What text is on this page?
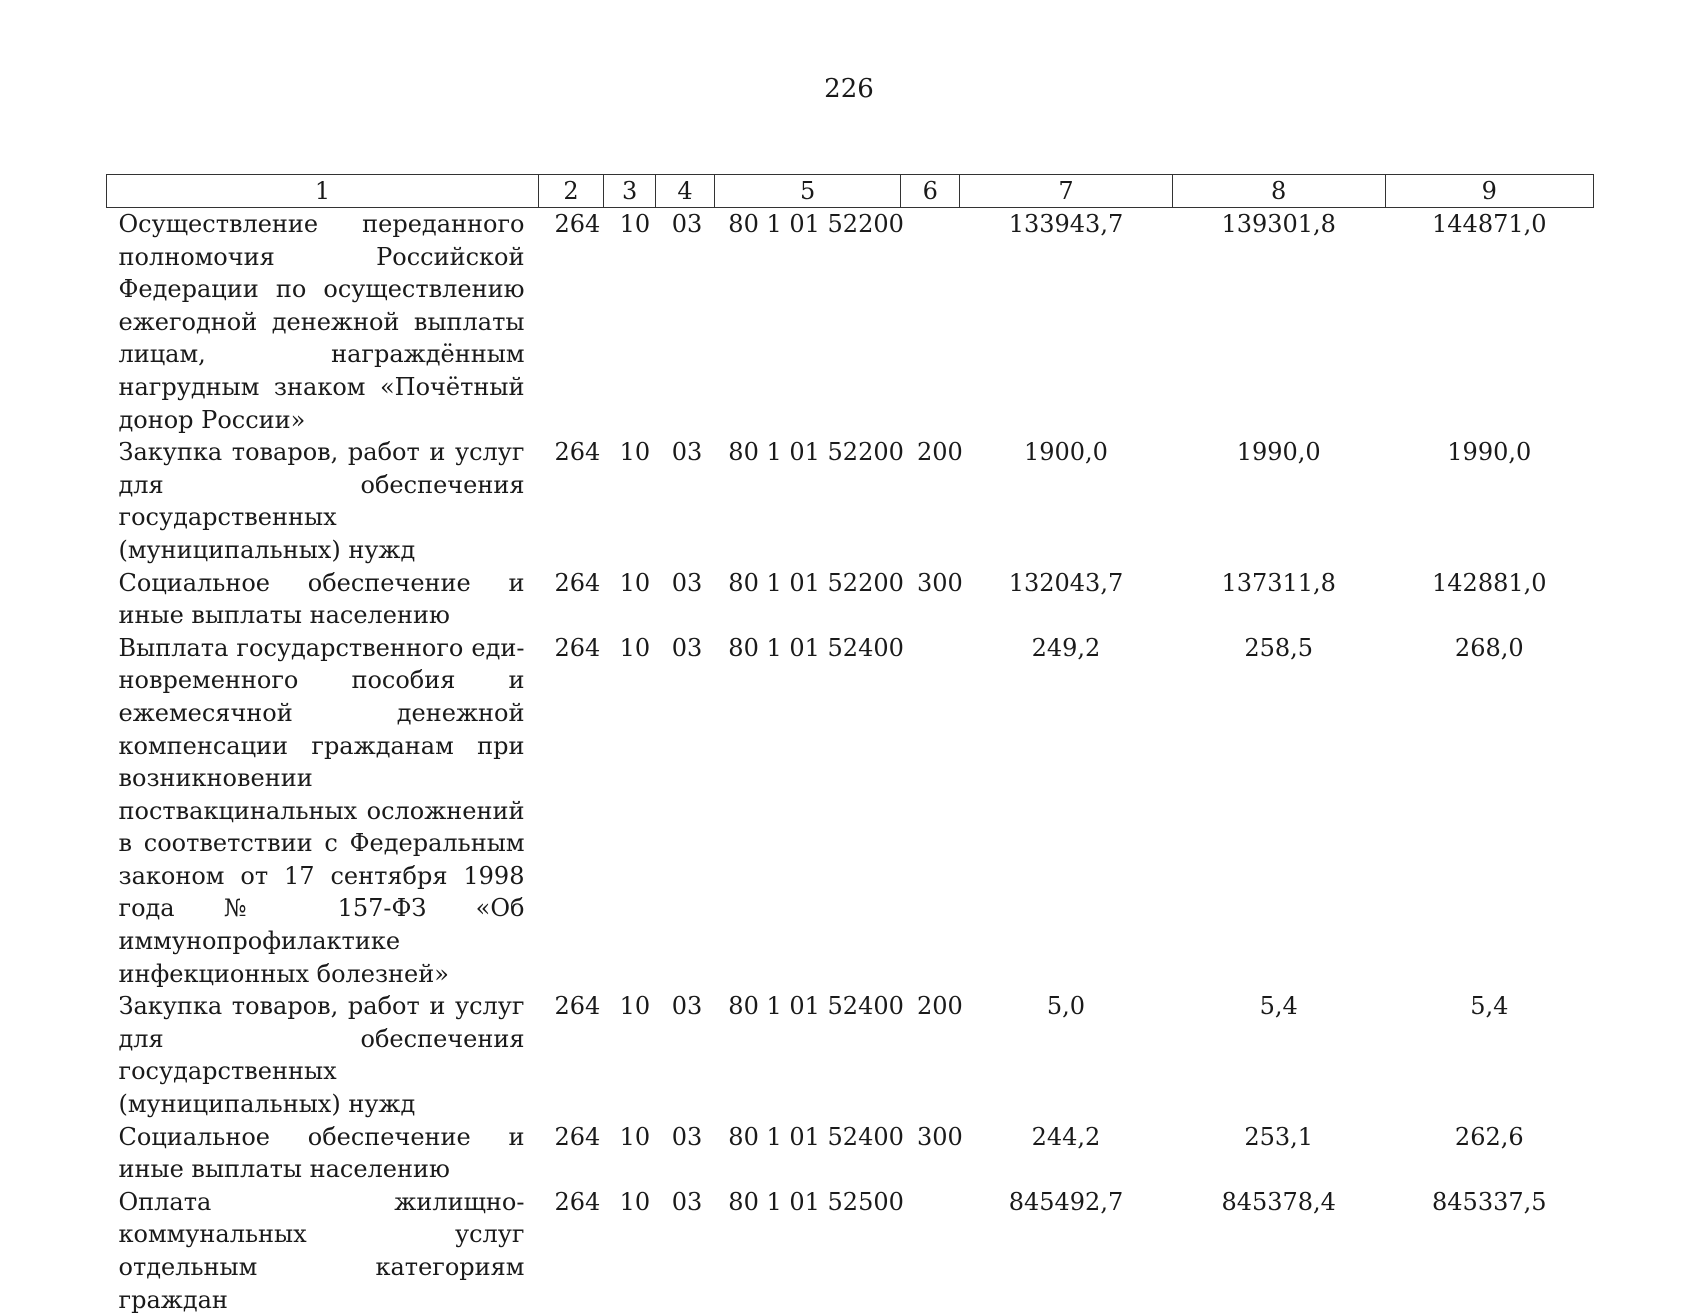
226
1	2	3	4	5	6	7	8	9
Осуществление переданного полномочия Российской Федерации по осуществлению ежегодной денежной выплаты лицам, награждённым нагрудным знаком «Почётный донор России»	264	10	03	80 1 01 52200		133943,7	139301,8	144871,0
Закупка товаров, работ и услуг для обеспечения государственных (муниципальных) нужд	264	10	03	80 1 01 52200	200	1900,0	1990,0	1990,0
Социальное обеспечение и иные выплаты населению	264	10	03	80 1 01 52200	300	132043,7	137311,8	142881,0
Выплата государственного единовременного пособия и ежемесячной денежной компенсации гражданам при возникновении поствакцинальных осложнений в соответствии с Федеральным законом от 17 сентября 1998 года № 157-ФЗ «Об иммунопрофилактике инфекционных болезней»	264	10	03	80 1 01 52400		249,2	258,5	268,0
Закупка товаров, работ и услуг для обеспечения государственных (муниципальных) нужд	264	10	03	80 1 01 52400	200	5,0	5,4	5,4
Социальное обеспечение и иные выплаты населению	264	10	03	80 1 01 52400	300	244,2	253,1	262,6
Оплата жилищно-коммунальных услуг отдельным категориям граждан	264	10	03	80 1 01 52500		845492,7	845378,4	845337,5
